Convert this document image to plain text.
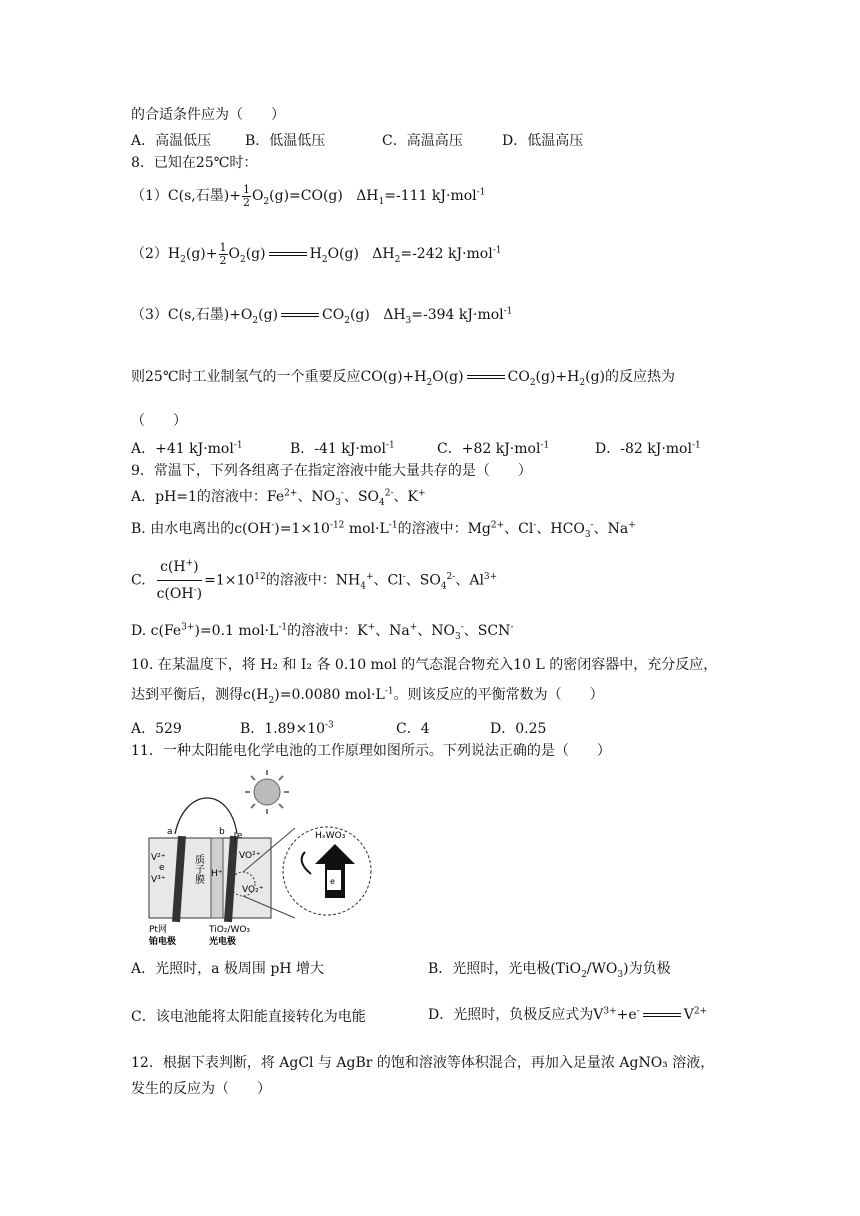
的合适条件应为（　　）
A．高温低压 B．低温低压	C．高温高压	D．低温高压
8．已知在25℃时：
（1）C(s,石墨)+ $\frac{1}{2} O_2(g)=CO(g)$   $\Delta H_1=-111$ kJ·mol$^{-1}$
$(2)H_2(g)+ \frac{1}{2} O_2(g)$	$H_2O(g)$   $\Delta H_2=-242$ kJ·mol$^{-1}$
（3）C(s,石墨)$+O_2(g)$	$CO_2(g)$   $\Delta H_3=-394$ kJ·mol$^{-1}$
则25℃时工业制氢气的一个重要反应$CO(g)+H_2O(g)$	$CO_2(g)+H_2(g)$的反应热为
（　　）
A．+41 kJ·mol$^{-1}$	B．-41 kJ·mol$^{-1}$	C．+82 kJ·mol$^{-1}$	D．-82 kJ·mol$^{-1}$
9．常温下，下列各组离子在指定溶液中能大量共存的是（　　）
A．pH=1的溶液中：$Fe^{2+}$、$NO_3^-$、$SO_4^{2-}$、K+
B. 由水电离出的$c(OH^-)=1\times 10^{-12}$ $mol\cdot L^{-1}$的溶液中：$Mg^{2+}$、Cl-、$HCO_3^-$、Na+
C. $\frac{c(H^+)}{c(OH^-)} =1\times 10^{12}$的溶液中：$NH_4^+$、Cl-、$SO_4^{2-}$、$Al^{3+}$
D. $c(Fe^{3+})=0.1$ $mol\cdot L^{-1}$的溶液中：K+、Na+、$NO_3^-$、SCN-
10. 在某温度下，将 H₂ 和 I₂ 各 0.10 mol 的气态混合物充入10 L 的密闭容器中，充分反应，
达到平衡后，测得$c(H_2)=0.0080$ $mol\cdot L^{-1}$。则该反应的平衡常数为（　　）
A．529	B．$1.89\times 10^{-3}$	C．4	D．0.25
11．一种太阳能电化学电池的工作原理如图所示。下列说法正确的是（　　）
a	b e
V²⁺
e
V³⁺	质子膜	VO²⁺
H⁺
VO₂⁺
HₓWO₃
e
Pt网
铂电极
TiO₂/WO₃
光电极
A．光照时，a 极周围 pH 增大	B．光照时，光电极$(TiO_2/WO_3)$为负极
C．该电池能将太阳能直接转化为电能	D．光照时，负极反应式为$V^{3+}+e^-$	$V^{2+}$
12．根据下表判断，将 AgCl 与 AgBr 的饱和溶液等体积混合，再加入足量浓 AgNO₃ 溶液，
发生的反应为（　　）
